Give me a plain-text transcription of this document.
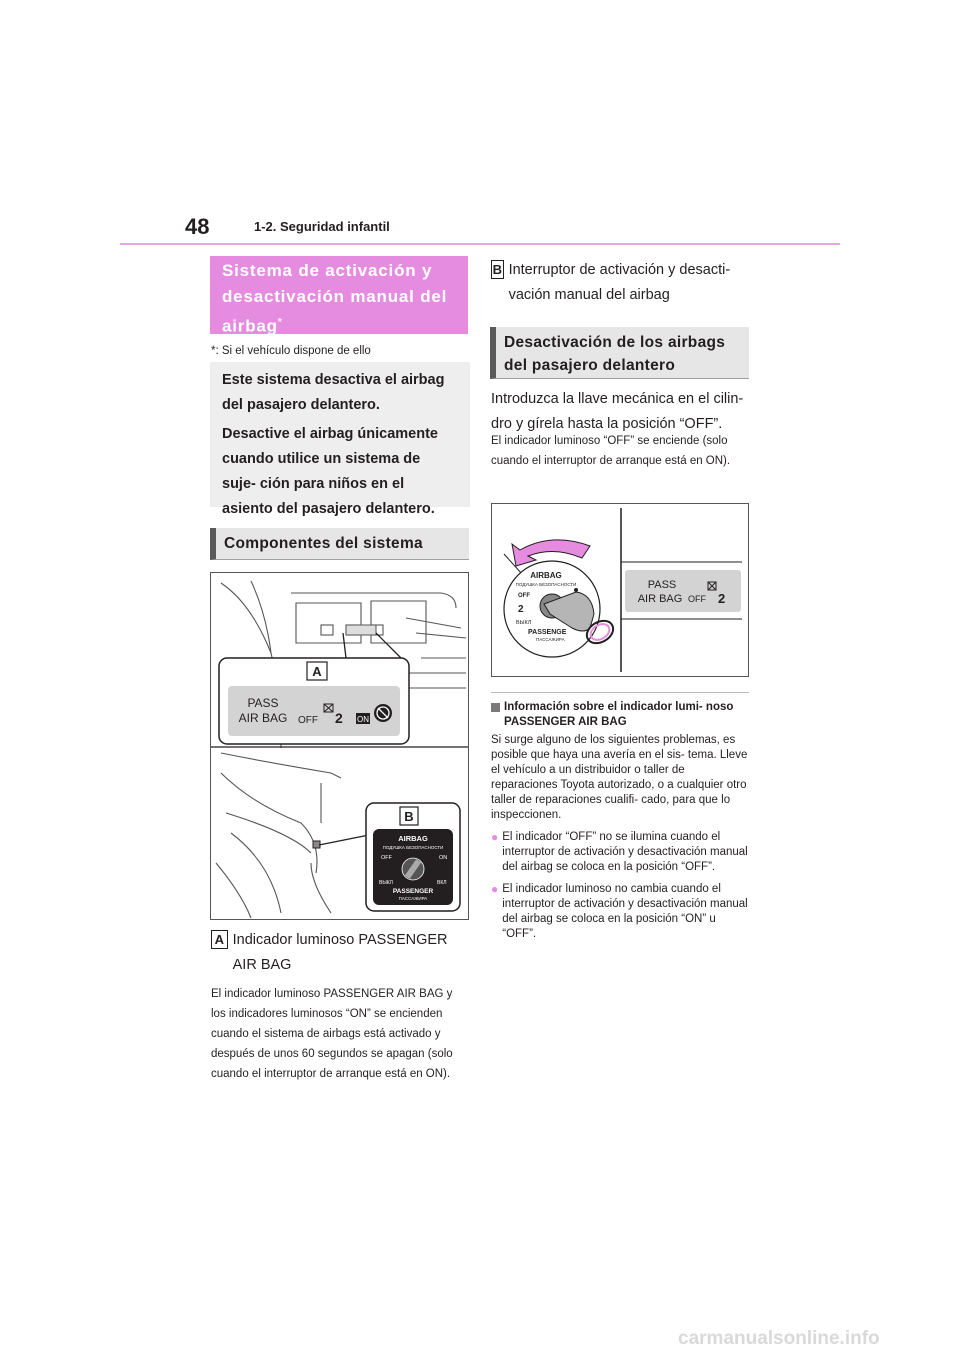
48	1-2. Seguridad infantil
Sistema de activación y
desactivación manual del
airbag*
*: Si el vehículo dispone de ello

Este sistema desactiva el airbag del pasajero delantero.

Desactive el airbag únicamente cuando utilice un sistema de suje- ción para niños en el asiento del pasajero delantero.

Componentes del sistema
A
PASS
AIR BAG OFF 2 ON
B
AIRBAG
ПОДУШКА БЕЗОПАСНОСТИ
OFF	ON
ВЫКЛ	ВКЛ
PASSENGER
ПАССАЖИРА
A Indicador luminoso PASSENGER AIR BAG
El indicador luminoso PASSENGER AIR BAG y los indicadores luminosos “ON” se encienden cuando el sistema de airbags está activado y después de unos 60 segundos se apagan (solo cuando el interruptor de arranque está en ON).
B Interruptor de activación y desacti- vación manual del airbag
Desactivación de los airbags del pasajero delantero
Introduzca la llave mecánica en el cilin- dro y gírela hasta la posición “OFF”.
El indicador luminoso “OFF” se enciende (solo cuando el interruptor de arranque está en ON).
AIRBAG
ПОДУШКА БЕЗОПАСНОСТИ
OFF
2
ВЫКЛ
PASSENGE
ПАССАЖИРА
PASS
AIR BAG OFF 2
Información sobre el indicador lumi- noso PASSENGER AIR BAG
Si surge alguno de los siguientes problemas, es posible que haya una avería en el sis- tema. Lleve el vehículo a un distribuidor o taller de reparaciones Toyota autorizado, o a cualquier otro taller de reparaciones cualifi- cado, para que lo inspeccionen.
● El indicador “OFF” no se ilumina cuando el interruptor de activación y desactivación manual del airbag se coloca en la posición “OFF”.
● El indicador luminoso no cambia cuando el interruptor de activación y desactivación manual del airbag se coloca en la posición “ON” u “OFF”.
carmanualsonline.info
